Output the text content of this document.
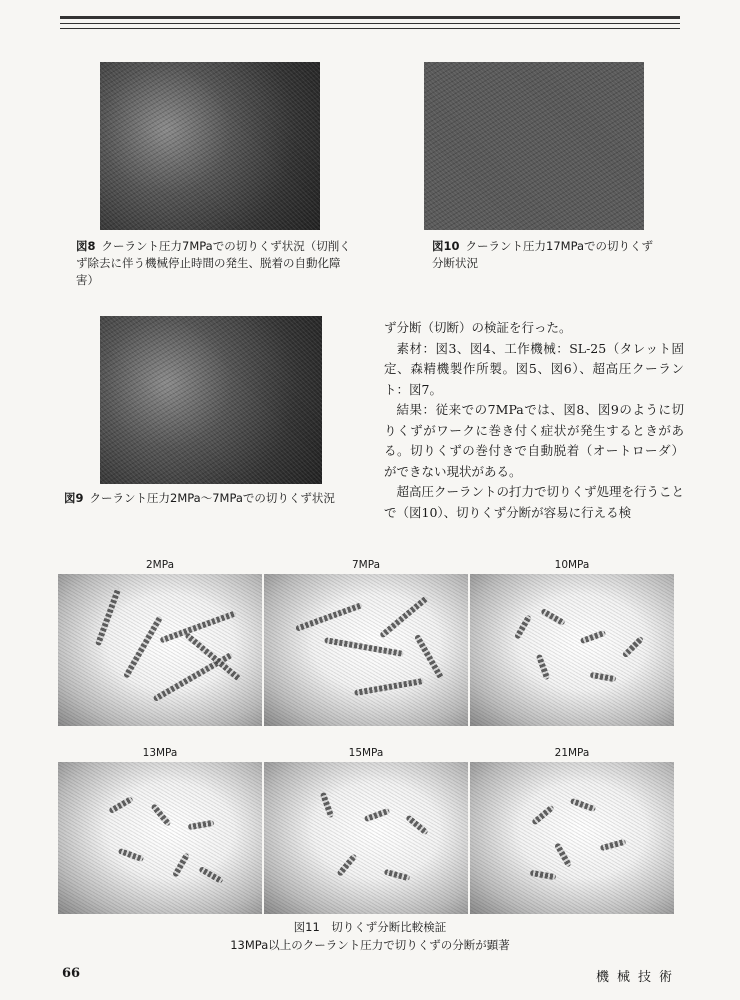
図8 クーラント圧力7MPaでの切りくず状況（切削くず除去に伴う機械停止時間の発生、脱着の自動化障害）
図10 クーラント圧力17MPaでの切りくず分断状況
図9 クーラント圧力2MPa〜7MPaでの切りくず状況

ず分断（切断）の検証を行った。

素材：図3、図4、工作機械：SL-25（タレット固定、森精機製作所製。図5、図6）、超高圧クーラント：図7。

結果：従来での7MPaでは、図8、図9のように切りくずがワークに巻き付く症状が発生するときがある。切りくずの巻付きで自動脱着（オートローダ）ができない現状がある。

超高圧クーラントの打力で切りくず処理を行うことで（図10）、切りくず分断が容易に行える検

2MPa	7MPa	10MPa
13MPa	15MPa	21MPa
図11　切りくず分断比較検証
13MPa以上のクーラント圧力で切りくずの分断が顕著
66	機械技術
